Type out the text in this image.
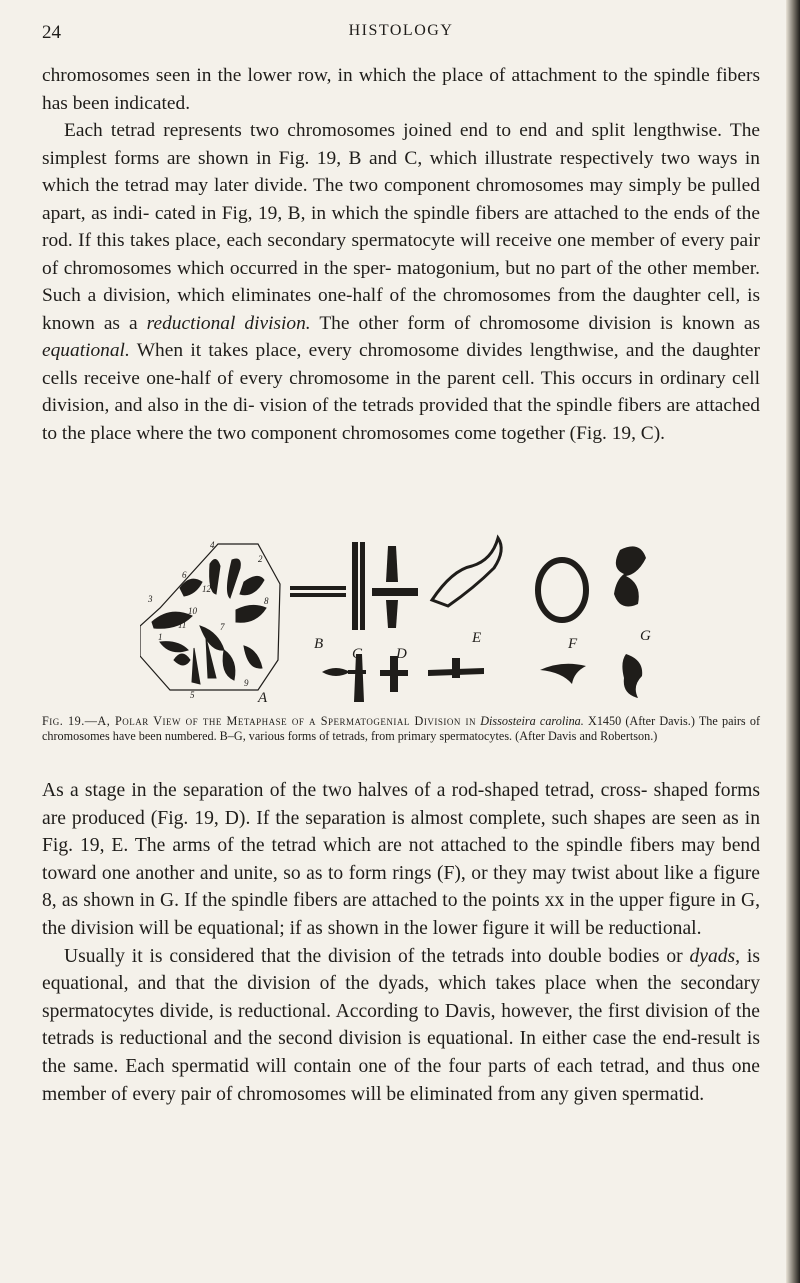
24	HISTOLOGY

chromosomes seen in the lower row, in which the place of attachment to the spindle fibers has been indicated.

Each tetrad represents two chromosomes joined end to end and split lengthwise. The simplest forms are shown in Fig. 19, B and C, which illustrate respectively two ways in which the tetrad may later divide. The two component chromosomes may simply be pulled apart, as indi- cated in Fig, 19, B, in which the spindle fibers are attached to the ends of the rod. If this takes place, each secondary spermatocyte will receive one member of every pair of chromosomes which occurred in the sper- matogonium, but no part of the other member. Such a division, which eliminates one-half of the chromosomes from the daughter cell, is known as a reductional division. The other form of chromosome division is known as equational. When it takes place, every chromosome divides lengthwise, and the daughter cells receive one-half of every chromosome in the parent cell. This occurs in ordinary cell division, and also in the di- vision of the tetrads provided that the spindle fibers are attached to the place where the two component chromosomes come together (Fig. 19, C).

A
3
1
4
2
6
12
10
11	7
8
9
5
B
C D
E	F	G
Fig. 19.—A, Polar View of the Metaphase of a Spermatogenial Division in Dissosteira carolina. X1450 (After Davis.) The pairs of chromosomes have been numbered. B–G, various forms of tetrads, from primary spermatocytes. (After Davis and Robertson.)

As a stage in the separation of the two halves of a rod-shaped tetrad, cross- shaped forms are produced (Fig. 19, D). If the separation is almost complete, such shapes are seen as in Fig. 19, E. The arms of the tetrad which are not attached to the spindle fibers may bend toward one another and unite, so as to form rings (F), or they may twist about like a figure 8, as shown in G. If the spindle fibers are attached to the points xx in the upper figure in G, the division will be equational; if as shown in the lower figure it will be reductional.

Usually it is considered that the division of the tetrads into double bodies or dyads, is equational, and that the division of the dyads, which takes place when the secondary spermatocytes divide, is reductional. According to Davis, however, the first division of the tetrads is reductional and the second division is equational. In either case the end-result is the same. Each spermatid will contain one of the four parts of each tetrad, and thus one member of every pair of chromosomes will be eliminated from any given spermatid.
